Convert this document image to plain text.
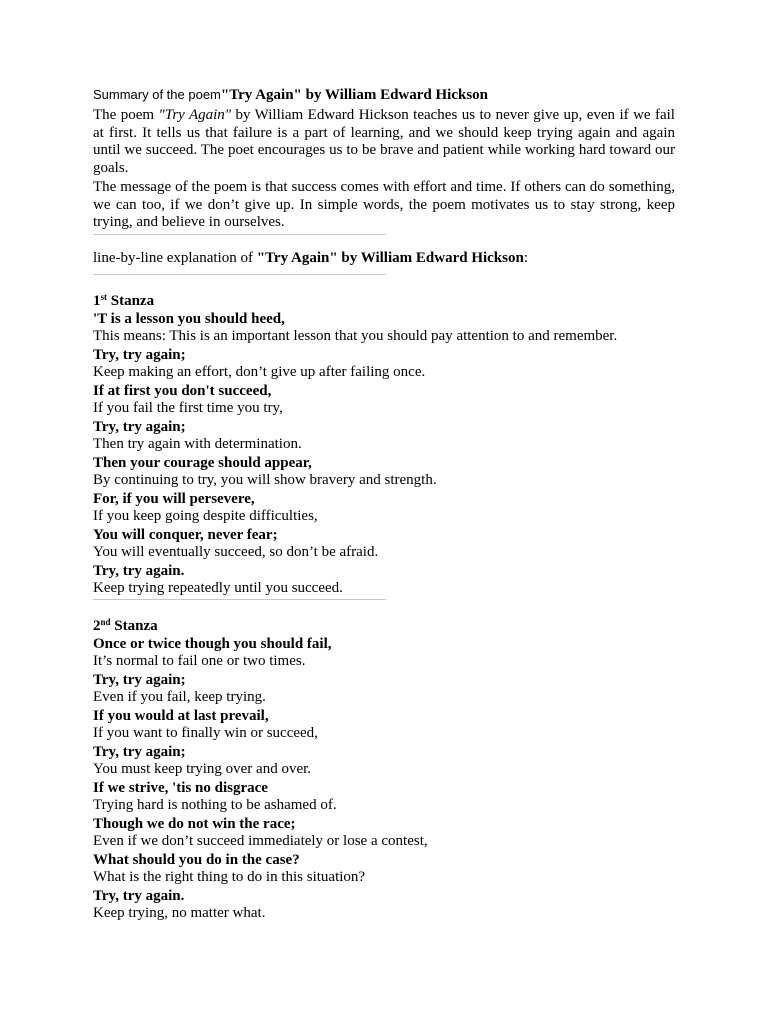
Summary of the poem"Try Again" by William Edward Hickson

The poem "Try Again" by William Edward Hickson teaches us to never give up, even if we fail at first. It tells us that failure is a part of learning, and we should keep trying again and again until we succeed. The poet encourages us to be brave and patient while working hard toward our goals.

The message of the poem is that success comes with effort and time. If others can do something, we can too, if we don’t give up. In simple words, the poem motivates us to stay strong, keep trying, and believe in ourselves.

line-by-line explanation of "Try Again" by William Edward Hickson:
1st Stanza
'T is a lesson you should heed,
This means: This is an important lesson that you should pay attention to and remember.
Try, try again;
Keep making an effort, don’t give up after failing once.
If at first you don't succeed,
If you fail the first time you try,
Try, try again;
Then try again with determination.
Then your courage should appear,
By continuing to try, you will show bravery and strength.
For, if you will persevere,
If you keep going despite difficulties,
You will conquer, never fear;
You will eventually succeed, so don’t be afraid.
Try, try again.
Keep trying repeatedly until you succeed.
2nd Stanza
Once or twice though you should fail,
It’s normal to fail one or two times.
Try, try again;
Even if you fail, keep trying.
If you would at last prevail,
If you want to finally win or succeed,
Try, try again;
You must keep trying over and over.
If we strive, 'tis no disgrace
Trying hard is nothing to be ashamed of.
Though we do not win the race;
Even if we don’t succeed immediately or lose a contest,
What should you do in the case?
What is the right thing to do in this situation?
Try, try again.
Keep trying, no matter what.
